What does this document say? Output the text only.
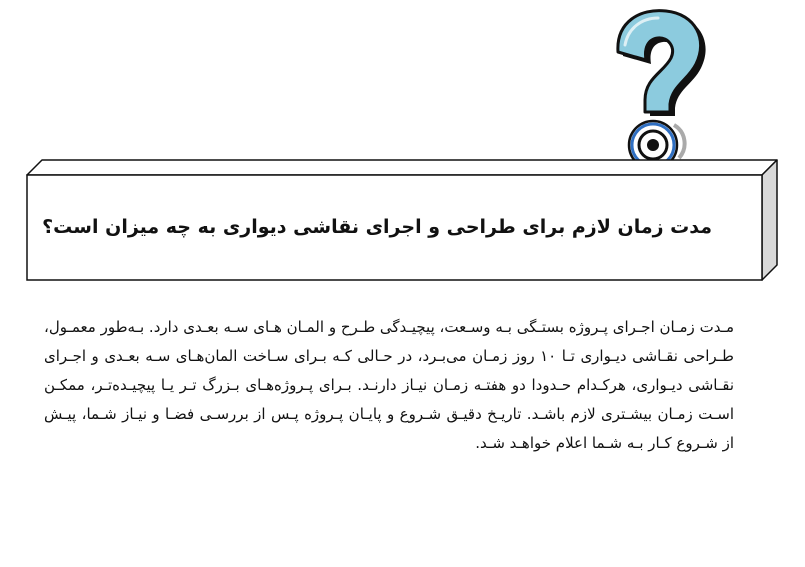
مدت زمان لازم برای طراحی و اجرای نقاشی دیواری به چه میزان است؟

مـدت زمـان اجـرای پـروژه بستـگی بـه وسـعت، پیچیـدگی طـرح و المـان هـای سـه بعـدی دارد. بـه‌طور معمـول، طـراحی نقـاشی دیـواری تـا ۱۰ روز زمـان می‌بـرد، در حـالی کـه بـرای سـاخت المان‌هـای سـه بعـدی و اجـرای نقـاشی دیـواری، هرکـدام حـدودا دو هفتـه زمـان نیـاز دارنـد. بـرای پـروژه‌هـای بـزرگ تـر یـا پیچیـده‌تـر، ممکـن اسـت زمـان بیشـتری لازم باشـد. تاریـخ دقیـق شـروع و پایـان پـروژه پـس از بررسـی فضـا و نیـاز شـما، پیـش از شـروع کـار بـه شـما اعلام خواهـد شـد.
